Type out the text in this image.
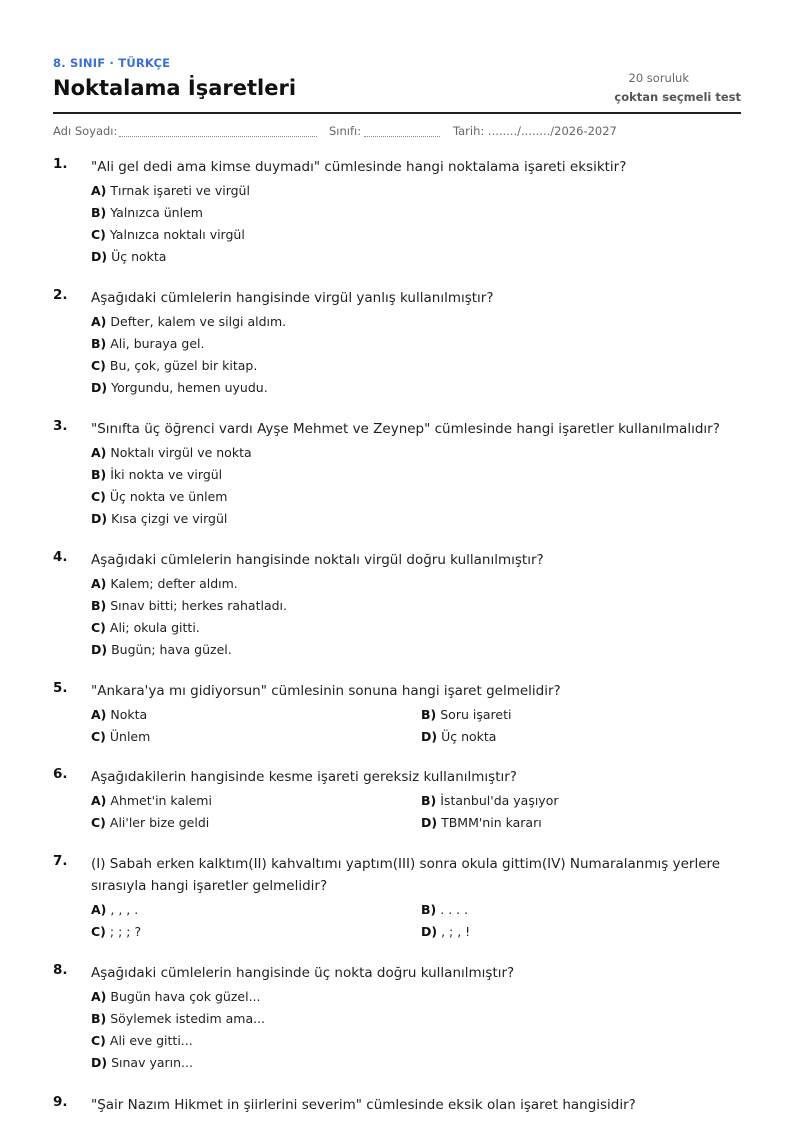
8. SINIF · TÜRKÇE
Noktalama İşaretleri	20 soruluk
çoktan seçmeli test
Adı Soyadı:	Sınıfı:	Tarih: ......../......../2026-2027
1. "Ali gel dedi ama kimse duymadı" cümlesinde hangi noktalama işareti eksiktir?
A) Tırnak işareti ve virgül
B) Yalnızca ünlem
C) Yalnızca noktalı virgül
D) Üç nokta
2. Aşağıdaki cümlelerin hangisinde virgül yanlış kullanılmıştır?
A) Defter, kalem ve silgi aldım.
B) Ali, buraya gel.
C) Bu, çok, güzel bir kitap.
D) Yorgundu, hemen uyudu.
3. "Sınıfta üç öğrenci vardı Ayşe Mehmet ve Zeynep" cümlesinde hangi işaretler kullanılmalıdır?
A) Noktalı virgül ve nokta
B) İki nokta ve virgül
C) Üç nokta ve ünlem
D) Kısa çizgi ve virgül
4. Aşağıdaki cümlelerin hangisinde noktalı virgül doğru kullanılmıştır?
A) Kalem; defter aldım.
B) Sınav bitti; herkes rahatladı.
C) Ali; okula gitti.
D) Bugün; hava güzel.
5. "Ankara'ya mı gidiyorsun" cümlesinin sonuna hangi işaret gelmelidir?
A) Nokta	B) Soru işareti
C) Ünlem	D) Üç nokta
6. Aşağıdakilerin hangisinde kesme işareti gereksiz kullanılmıştır?
A) Ahmet'in kalemi	B) İstanbul'da yaşıyor
C) Ali'ler bize geldi	D) TBMM'nin kararı
7. (I) Sabah erken kalktım(II) kahvaltımı yaptım(III) sonra okula gittim(IV) Numaralanmış yerlere sırasıyla hangi işaretler gelmelidir?
A) , , , .	B) . . . .
C) ; ; ; ?	D) , ; , !
8. Aşağıdaki cümlelerin hangisinde üç nokta doğru kullanılmıştır?
A) Bugün hava çok güzel...
B) Söylemek istedim ama...
C) Ali eve gitti...
D) Sınav yarın...
9. "Şair Nazım Hikmet in şiirlerini severim" cümlesinde eksik olan işaret hangisidir?
